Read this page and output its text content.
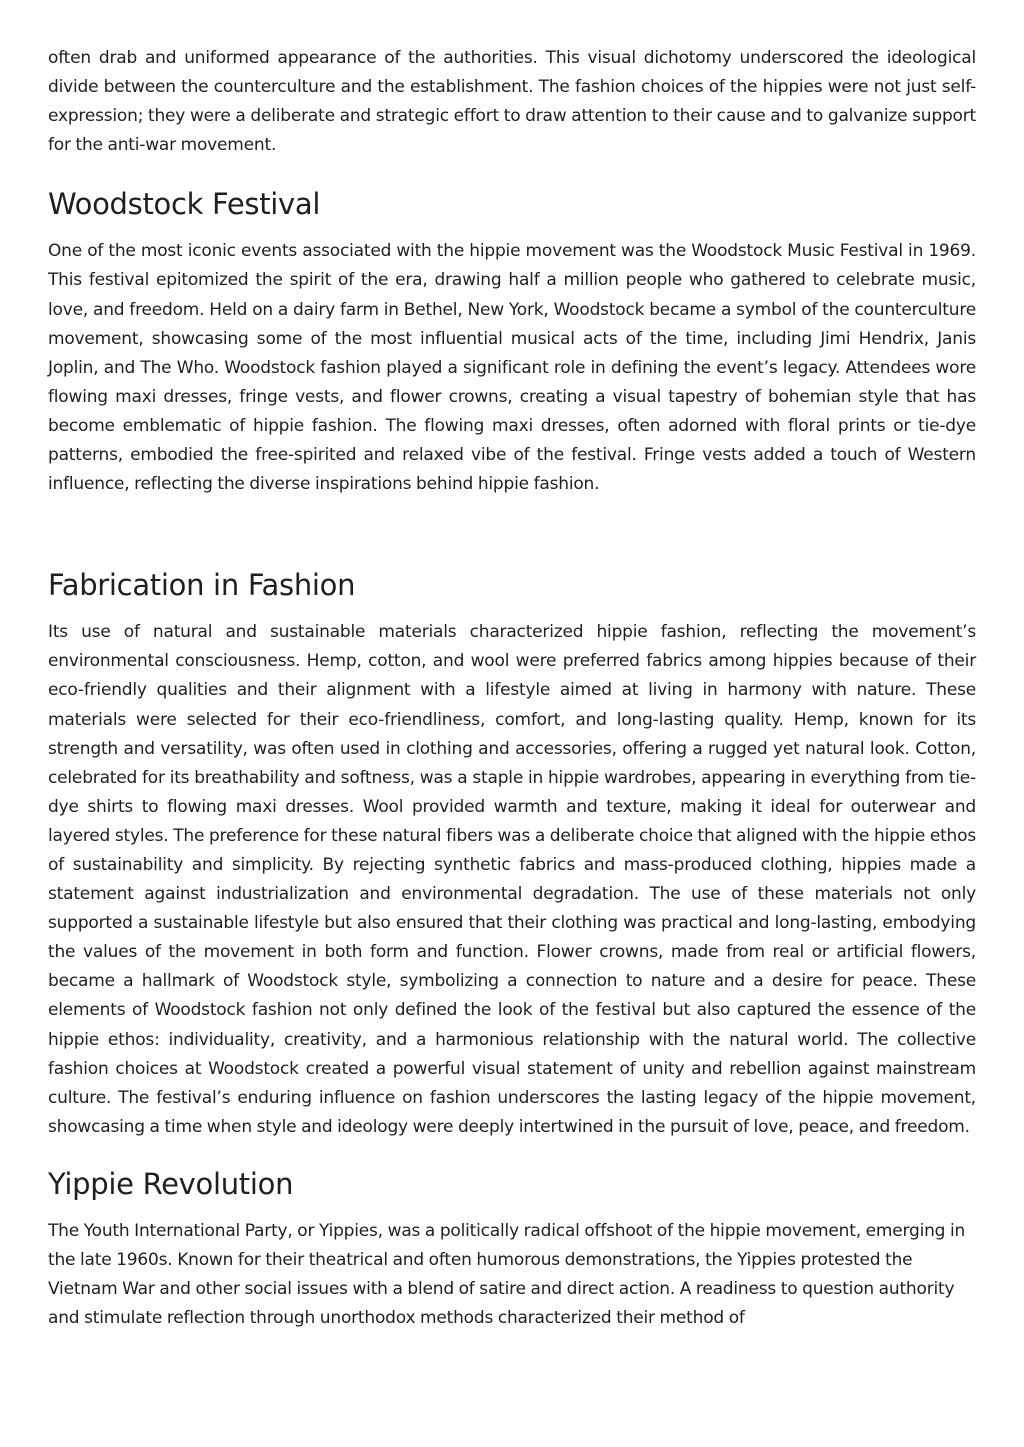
often drab and uniformed appearance of the authorities. This visual dichotomy underscored the ideological divide between the counterculture and the establishment. The fashion choices of the hippies were not just self-expression; they were a deliberate and strategic effort to draw attention to their cause and to galvanize support for the anti-war movement.

Woodstock Festival

One of the most iconic events associated with the hippie movement was the Woodstock Music Festival in 1969. This festival epitomized the spirit of the era, drawing half a million people who gathered to celebrate music, love, and freedom. Held on a dairy farm in Bethel, New York, Woodstock became a symbol of the counterculture movement, showcasing some of the most influential musical acts of the time, including Jimi Hendrix, Janis Joplin, and The Who. Woodstock fashion played a significant role in defining the event’s legacy. Attendees wore flowing maxi dresses, fringe vests, and flower crowns, creating a visual tapestry of bohemian style that has become emblematic of hippie fashion. The flowing maxi dresses, often adorned with floral prints or tie-dye patterns, embodied the free-spirited and relaxed vibe of the festival. Fringe vests added a touch of Western influence, reflecting the diverse inspirations behind hippie fashion.

Fabrication in Fashion

Its use of natural and sustainable materials characterized hippie fashion, reflecting the movement’s environmental consciousness. Hemp, cotton, and wool were preferred fabrics among hippies because of their eco-friendly qualities and their alignment with a lifestyle aimed at living in harmony with nature. These materials were selected for their eco-friendliness, comfort, and long-lasting quality. Hemp, known for its strength and versatility, was often used in clothing and accessories, offering a rugged yet natural look. Cotton, celebrated for its breathability and softness, was a staple in hippie wardrobes, appearing in everything from tie-dye shirts to flowing maxi dresses. Wool provided warmth and texture, making it ideal for outerwear and layered styles. The preference for these natural fibers was a deliberate choice that aligned with the hippie ethos of sustainability and simplicity. By rejecting synthetic fabrics and mass-produced clothing, hippies made a statement against industrialization and environmental degradation. The use of these materials not only supported a sustainable lifestyle but also ensured that their clothing was practical and long-lasting, embodying the values of the movement in both form and function. Flower crowns, made from real or artificial flowers, became a hallmark of Woodstock style, symbolizing a connection to nature and a desire for peace. These elements of Woodstock fashion not only defined the look of the festival but also captured the essence of the hippie ethos: individuality, creativity, and a harmonious relationship with the natural world. The collective fashion choices at Woodstock created a powerful visual statement of unity and rebellion against mainstream culture. The festival’s enduring influence on fashion underscores the lasting legacy of the hippie movement, showcasing a time when style and ideology were deeply intertwined in the pursuit of love, peace, and freedom.

Yippie Revolution

The Youth International Party, or Yippies, was a politically radical offshoot of the hippie movement, emerging in the late 1960s. Known for their theatrical and often humorous demonstrations, the Yippies protested the Vietnam War and other social issues with a blend of satire and direct action. A readiness to question authority and stimulate reflection through unorthodox methods characterized their method of
